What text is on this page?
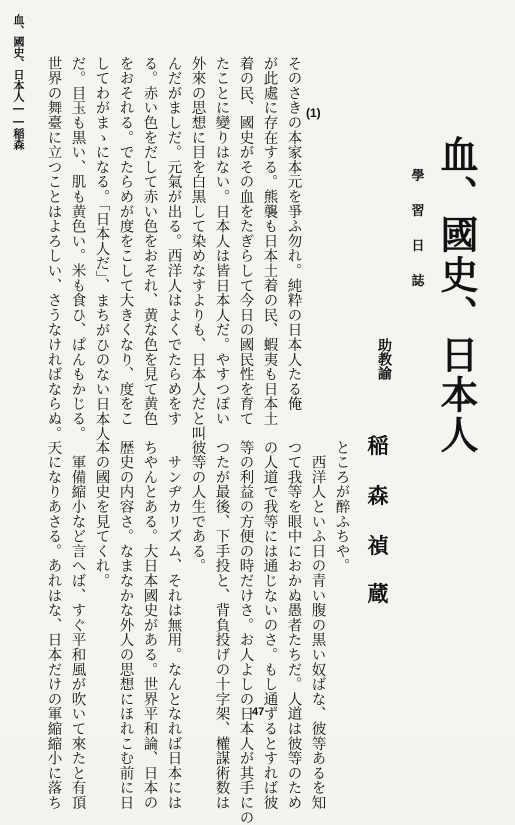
血、國史、日本人――稲森
血、國史、日本人
學
習
日
誌
(1)
助教諭
稲
森
禎
蔵
そのさきの本家本元を爭ふ勿れ。純粋の日本人たる俺
が此處に存在する。熊襲も日本土着の民、蝦夷も日本土
着の民、國史がその血をたぎらして今日の國民性を育て
たことに變りはない。日本人は皆日本人だ。やすつぽい
外來の思想に目を白黒して染めなすよりも、日本人だと叫
んだがましだ。元氣が出る。西洋人はよくでたらめをす
る。赤い色をだして赤い色をおそれ、黄な色を見て黄色
をおそれる。でたらめが度をこして大きくなり、度をこ
してわがまゝになる。「日本人だ」、まちがひのない日本人
だ。目玉も黒い、肌も黄色い。米も食ひ、ぱんもかじる。
世界の舞臺に立つことはよろしい、さうなければならぬ。
ところが醉ふちや。
　西洋人といふ日の青い腹の黒い奴ばな、彼等あるを知
つて我等を眼中におかぬ愚者たちだ。人道は彼等のため
の人道で我等には通じないのさ。もし通ずるとすれば彼
等の利益の方便の時だけさ。お人よしの日本人が其手にの
つたが最後、下手投と、背負投げの十字架、權謀術数は
彼等の人生である。
　サンヂカリズム、それは無用。なんとなれば日本には
ちやんとある。大日本國史がある。世界平和論、日本の
歴史の内容さ。なまなかな外人の思想にほれこむ前に日
本の國史を見てくれ。
　軍備縮小など言へば、すぐ平和風が吹いて來たと有頂
天になりあさる。あれはな、日本だけの軍縮縮小に落ち	47
